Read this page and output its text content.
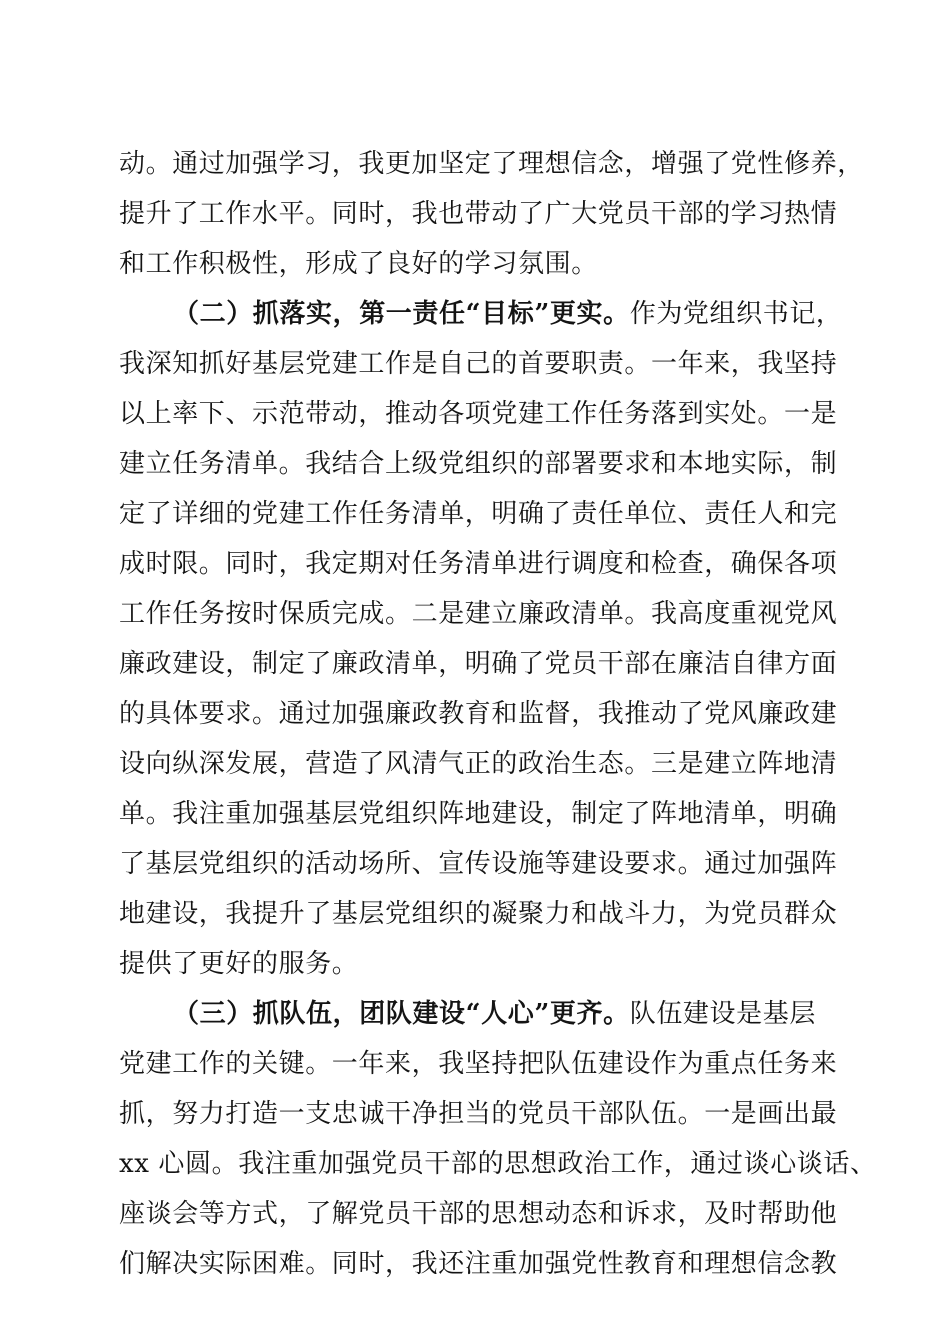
动。通过加强学习，我更加坚定了理想信念，增强了党性修养，
提升了工作水平。同时，我也带动了广大党员干部的学习热情
和工作积极性，形成了良好的学习氛围。
（二）抓落实，第一责任“目标”更实。作为党组织书记，
我深知抓好基层党建工作是自己的首要职责。一年来，我坚持
以上率下、示范带动，推动各项党建工作任务落到实处。一是
建立任务清单。我结合上级党组织的部署要求和本地实际，制
定了详细的党建工作任务清单，明确了责任单位、责任人和完
成时限。同时，我定期对任务清单进行调度和检查，确保各项
工作任务按时保质完成。二是建立廉政清单。我高度重视党风
廉政建设，制定了廉政清单，明确了党员干部在廉洁自律方面
的具体要求。通过加强廉政教育和监督，我推动了党风廉政建
设向纵深发展，营造了风清气正的政治生态。三是建立阵地清
单。我注重加强基层党组织阵地建设，制定了阵地清单，明确
了基层党组织的活动场所、宣传设施等建设要求。通过加强阵
地建设，我提升了基层党组织的凝聚力和战斗力，为党员群众
提供了更好的服务。
（三）抓队伍，团队建设“人心”更齐。队伍建设是基层
党建工作的关键。一年来，我坚持把队伍建设作为重点任务来
抓，努力打造一支忠诚干净担当的党员干部队伍。一是画出最
xx 心圆。我注重加强党员干部的思想政治工作，通过谈心谈话、
座谈会等方式，了解党员干部的思想动态和诉求，及时帮助他
们解决实际困难。同时，我还注重加强党性教育和理想信念教
